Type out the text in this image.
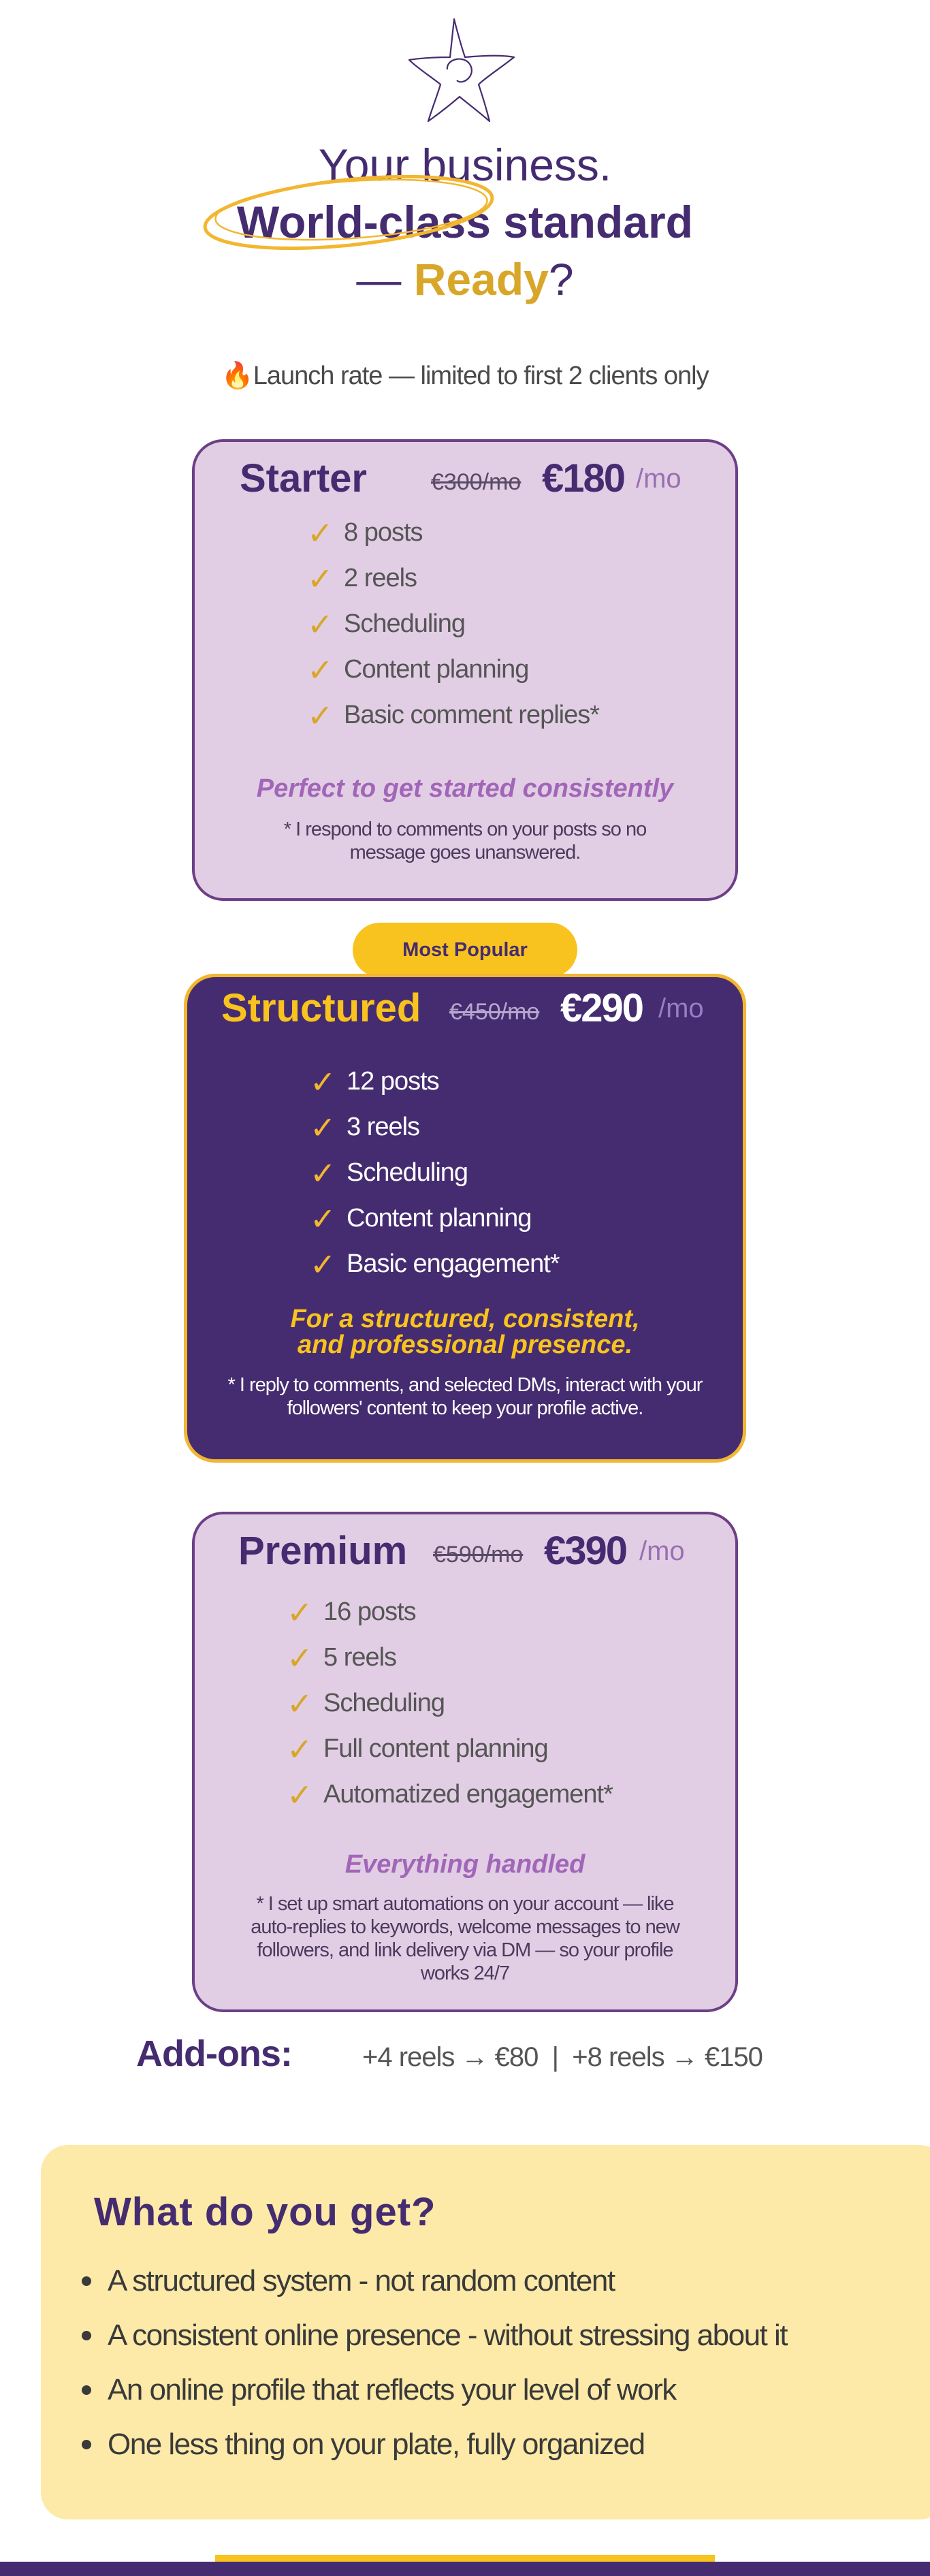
Your business.
World-class standard
— Ready?
🔥Launch rate — limited to first 2 clients only
Starter	€300/mo €180 /mo
✓ 8 posts
✓ 2 reels
✓ Scheduling
✓ Content planning
✓ Basic comment replies*
Perfect to get started consistently
* I respond to comments on your posts so no message goes unanswered.
Most Popular
Structured €450/mo €290 /mo
✓ 12 posts
✓ 3 reels
✓ Scheduling
✓ Content planning
✓ Basic engagement*
For a structured, consistent,
and professional presence.
* I reply to comments, and selected DMs, interact with your followers' content to keep your profile active.
Premium €590/mo €390 /mo
✓ 16 posts
✓ 5 reels
✓ Scheduling
✓ Full content planning
✓ Automatized engagement*
Everything handled
* I set up smart automations on your account — like auto-replies to keywords, welcome messages to new followers, and link delivery via DM — so your profile works 24/7
Add-ons:	+4 reels → €80  |  +8 reels → €150
What do you get?
A structured system - not random content
A consistent online presence - without stressing about it
An online profile that reflects your level of work
One less thing on your plate, fully organized
